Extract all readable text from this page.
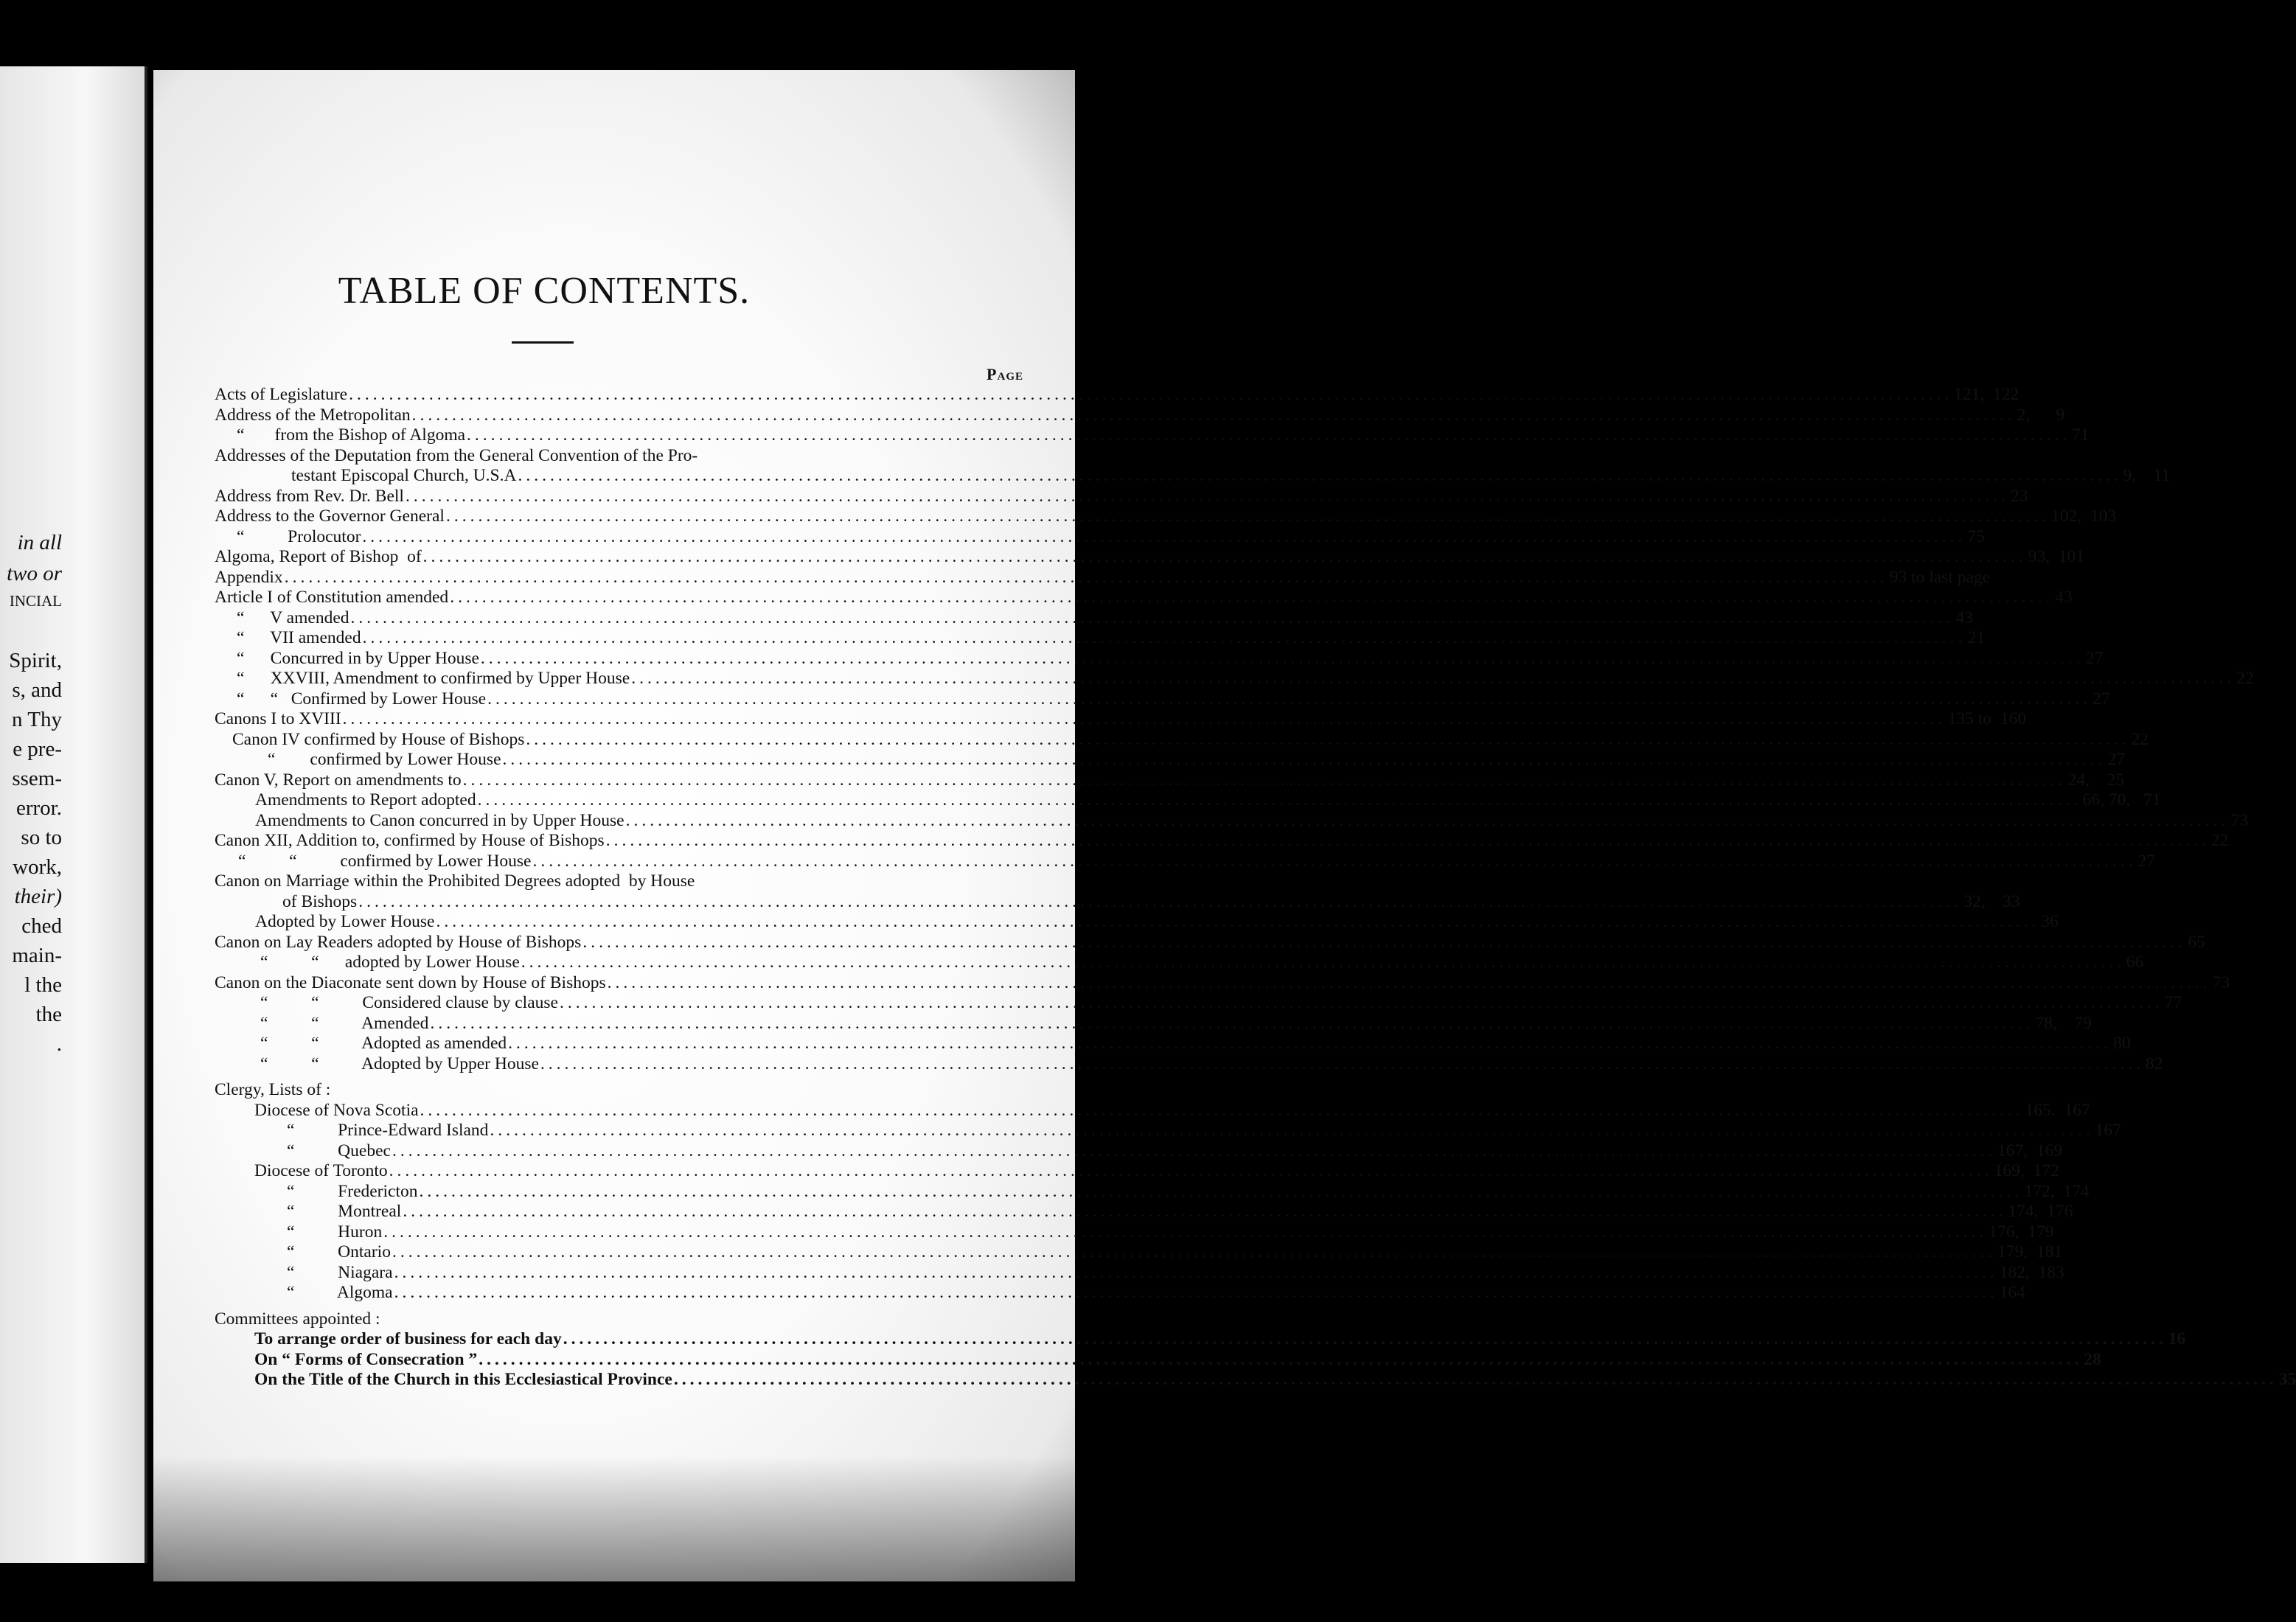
in all
two or
INCIAL
Spirit,
s, and
n Thy
e pre-
ssem-
error.
so to
work,
their)
ched
main-
l the
the
.
TABLE OF CONTENTS.
Page
Acts of Legislature ........................................................................................................................................................................................................ 121,  122
Address of the Metropolitan ........................................................................................................................................................................................................ 2,      9
“       from the Bishop of Algoma ........................................................................................................................................................................................................ 71
Addresses of the Deputation from the General Convention of the Pro-
testant Episcopal Church, U.S.A ........................................................................................................................................................................................................ 9,    11
Address from Rev. Dr. Bell ........................................................................................................................................................................................................ 23
Address to the Governor General ........................................................................................................................................................................................................ 102,  103
“          Prolocutor ........................................................................................................................................................................................................ 75
Algoma, Report of Bishop  of ........................................................................................................................................................................................................ 93,  101
Appendix ........................................................................................................................................................................................................ 93 to last page
Article I of Constitution amended ........................................................................................................................................................................................................ 43
“      V amended ........................................................................................................................................................................................................ 43
“      VII amended ........................................................................................................................................................................................................ 21
“      Concurred in by Upper House ........................................................................................................................................................................................................ 27
“      XXVIII, Amendment to confirmed by Upper House ........................................................................................................................................................................................................ 22
“      “   Confirmed by Lower House ........................................................................................................................................................................................................ 27
Canons I to XVIII ........................................................................................................................................................................................................ 135 to  160
Canon IV confirmed by House of Bishops ........................................................................................................................................................................................................ 22
“        confirmed by Lower House ........................................................................................................................................................................................................ 27
Canon V, Report on amendments to ........................................................................................................................................................................................................ 24,    25
Amendments to Report adopted ........................................................................................................................................................................................................ 66, 70,   71
Amendments to Canon concurred in by Upper House ........................................................................................................................................................................................................ 73
Canon XII, Addition to, confirmed by House of Bishops ........................................................................................................................................................................................................ 22
“          “          confirmed by Lower House ........................................................................................................................................................................................................ 27
Canon on Marriage within the Prohibited Degrees adopted  by House
of Bishops ........................................................................................................................................................................................................ 32,    33
Adopted by Lower House ........................................................................................................................................................................................................ 36
Canon on Lay Readers adopted by House of Bishops ........................................................................................................................................................................................................ 65
“          “      adopted by Lower House ........................................................................................................................................................................................................ 66
Canon on the Diaconate sent down by House of Bishops ........................................................................................................................................................................................................ 73
“          “          Considered clause by clause ........................................................................................................................................................................................................ 77
“          “          Amended ........................................................................................................................................................................................................ 78,    79
“          “          Adopted as amended ........................................................................................................................................................................................................ 80
“          “          Adopted by Upper House ........................................................................................................................................................................................................ 82
Clergy, Lists of :
Diocese of Nova Scotia ........................................................................................................................................................................................................ 165.  167
“          Prince-Edward Island ........................................................................................................................................................................................................ 167
“          Quebec ........................................................................................................................................................................................................ 167,  169
Diocese of Toronto ........................................................................................................................................................................................................ 169,  172
“          Fredericton ........................................................................................................................................................................................................ 172,  174
“          Montreal ........................................................................................................................................................................................................ 174,  176
“          Huron ........................................................................................................................................................................................................ 176,  179
“          Ontario ........................................................................................................................................................................................................ 179,  181
“          Niagara ........................................................................................................................................................................................................ 182,  183
“          Algoma ........................................................................................................................................................................................................ 164
Committees appointed :
To arrange order of business for each day ........................................................................................................................................................................................................ 16
On “ Forms of Consecration ” ........................................................................................................................................................................................................ 28
On the Title of the Church in this Ecclesiastical Province ........................................................................................................................................................................................................ 35
